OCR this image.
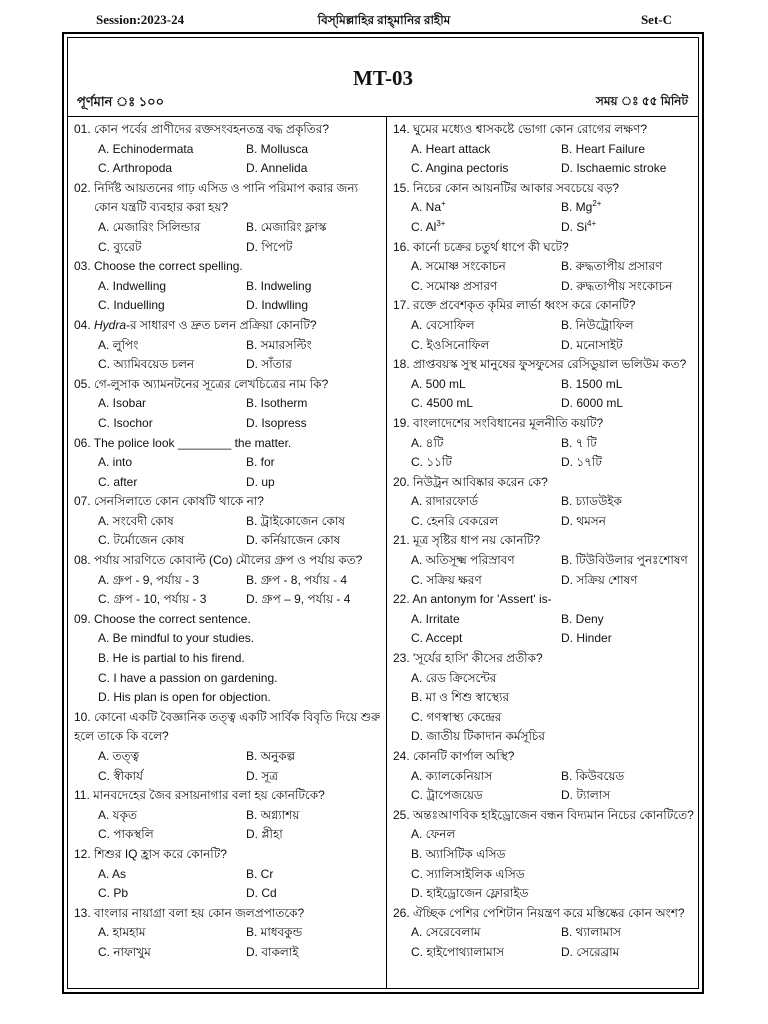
Session:2023-24	বিস্‌মিল্লাহির রাহ্‌মানির রাহীম	Set-C
MT-03
পূর্ণমান ঃ ১০০	সময় ঃ ৫৫ মিনিট
01. কোন পর্বের প্রাণীদের রক্তসংবহনতন্ত্র বদ্ধ প্রকৃতির?
A. Echinodermata	B. Mollusca
C. Arthropoda	D. Annelida
02. নির্দিষ্ট আয়তনের গাঢ় এসিড ও পানি পরিমাপ করার জন্য
কোন যন্ত্রটি ব্যবহার করা হয়?
A. মেজারিং সিলিন্ডার	B. মেজারিং ফ্লাস্ক
C. ব্যুরেট	D. পিপেট
03. Choose the correct spelling.
A. Indwelling	B. Indweling
C. Induelling	D. Indwlling
04. Hydra-র সাধারণ ও দ্রুত চলন প্রক্রিয়া কোনটি?
A. লুপিং	B. সমারসল্টিং
C. অ্যামিবয়েড চলন	D. সাঁতার
05. গে-লুসাক অ্যামনটনের সূত্রের লেখচিত্রের নাম কি?
A. Isobar	B. Isotherm
C. Isochor	D. Isopress
06. The police look ________ the matter.
A. into	B. for
C. after	D. up
07. সেনসিলাতে কোন কোষটি থাকে না?
A. সংবেদী কোষ	B. ট্রাইকোজেন কোষ
C. টর্মোজেন কোষ	D. কর্নিয়াজেন কোষ
08. পর্যায় সারণিতে কোবাল্ট (Co) মৌলের গ্রুপ ও পর্যায় কত?
A. গ্রুপ - 9, পর্যায় - 3	B. গ্রুপ - 8, পর্যায় - 4
C. গ্রুপ - 10, পর্যায় - 3	D. গ্রুপ – 9, পর্যায় - 4
09. Choose the correct sentence.
A. Be mindful to your studies.
B. He is partial to his firend.
C. I have a passion on gardening.
D. His plan is open for objection.
10. কোনো একটি বৈজ্ঞানিক তত্ত্ব একটি সার্বিক বিবৃতি দিয়ে শুরু
হলে তাকে কি বলে?
A. তত্ত্ব	B. অনুকল্প
C. স্বীকার্য	D. সূত্র
11. মানবদেহের জৈব রসায়নাগার বলা হয় কোনটিকে?
A. যকৃত	B. অগ্ন্যাশয়
C. পাকস্থলি	D. প্লীহা
12. শিশুর IQ হ্রাস করে কোনটি?
A. As	B. Cr
C. Pb	D. Cd
13. বাংলার নায়াগ্রা বলা হয় কোন জলপ্রপাতকে?
A. হামহাম	B. মাধবকুন্ড
C. নাফাখুম	D. বাকলাই
14. ঘুমের মধ্যেও শ্বাসকষ্টে ভোগা কোন রোগের লক্ষণ?
A. Heart attack	B. Heart Failure
C. Angina pectoris	D. Ischaemic stroke
15. নিচের কোন আয়নটির আকার সবচেয়ে বড়?
A. Na+	B. $Mg^{2+}$
C. $Al^{3+}$	D. $Si^{4+}$
16. কার্নো চক্রের চতুর্থ ধাপে কী ঘটে?
A. সমোষ্ণ সংকোচন	B. রুদ্ধতাপীয় প্রসারণ
C. সমোষ্ণ প্রসারণ	D. রুদ্ধতাপীয় সংকোচন
17. রক্তে প্রবেশকৃত কৃমির লার্ভা ধ্বংস করে কোনটি?
A. বেসোফিল	B. নিউট্রোফিল
C. ইওসিনোফিল	D. মনোসাইট
18. প্রাপ্তবয়স্ক সুস্থ মানুষের ফুসফুসের রেসিডুয়াল ভলিউম কত?
A. 500 mL	B. 1500 mL
C. 4500 mL	D. 6000 mL
19. বাংলাদেশের সংবিধানের মূলনীতি কয়টি?
A. ৪টি	B. ৭ টি
C. ১১টি	D. ১৭টি
20. নিউট্রন আবিষ্কার করেন কে?
A. রাদারফোর্ড	B. চ্যাডউইক
C. হেনরি বেকরেল	D. থমসন
21. মূত্র সৃষ্টির ধাপ নয় কোনটি?
A. অতিসূক্ষ্ম পরিস্রাবণ	B. টিউবিউলার পুনঃশোষণ
C. সক্রিয় ক্ষরণ	D. সক্রিয় শোষণ
22. An antonym for 'Assert' is-
A. Irritate	B. Deny
C. Accept	D. Hinder
23. 'সূর্যের হাসি' কীসের প্রতীক?
A. রেড ক্রিসেন্টের
B. মা ও শিশু স্বাস্থ্যের
C. গণস্বাস্থ্য কেন্দ্রের
D. জাতীয় টিকাদান কর্মসূচির
24. কোনটি কার্পাল অস্থি?
A. ক্যালকেনিয়াস	B. কিউবয়েড
C. ট্রাপেজয়েড	D. ট্যালাস
25. অন্তঃআণবিক হাইড্রোজেন বন্ধন বিদ্যমান নিচের কোনটিতে?
A. ফেনল
B. অ্যাসিটিক এসিড
C. স্যালিসাইলিক এসিড
D. হাইড্রোজেন ফ্লোরাইড
26. ঐচ্ছিক পেশির পেশিটান নিয়ন্ত্রণ করে মস্তিষ্কের কোন অংশ?
A. সেরেবেলাম	B. থ্যালামাস
C. হাইপোথ্যালামাস	D. সেরেব্রাম
